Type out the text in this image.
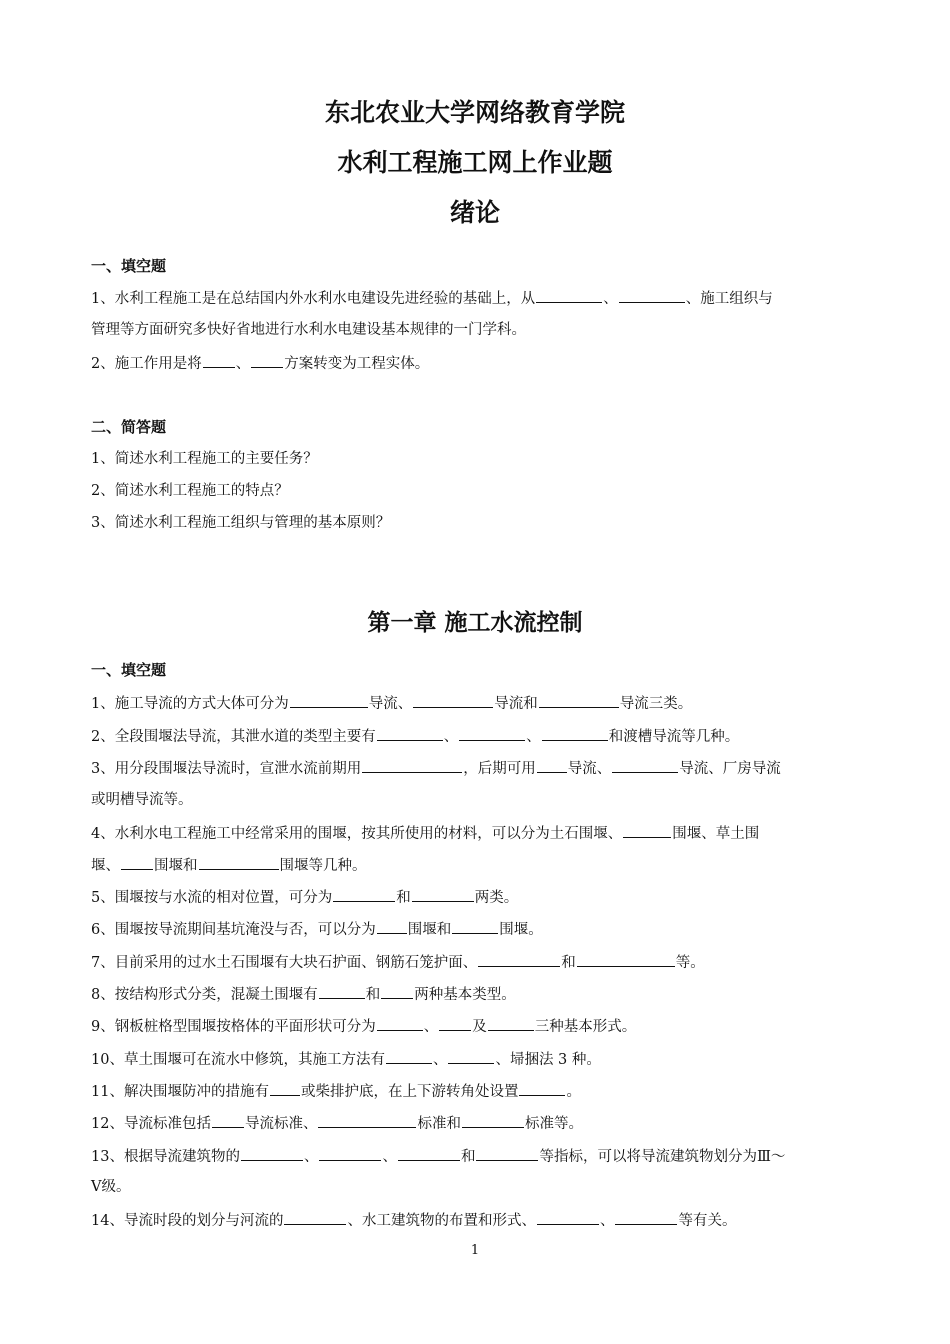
东北农业大学网络教育学院
水利工程施工网上作业题
绪论
一、填空题
1、水利工程施工是在总结国内外水利水电建设先进经验的基础上，从	、	、施工组织与
管理等方面研究多快好省地进行水利水电建设基本规律的一门学科。
2、施工作用是将 、 方案转变为工程实体。
二、简答题
1、简述水利工程施工的主要任务？
2、简述水利工程施工的特点？
3、简述水利工程施工组织与管理的基本原则？
第一章 施工水流控制
一、填空题
1、施工导流的方式大体可分为	导流、	导流和	导流三类。
2、全段围堰法导流，其泄水道的类型主要有	、	、	和渡槽导流等几种。
3、用分段围堰法导流时，宣泄水流前期用	，后期可用 导流、	导流、厂房导流
或明槽导流等。
4、水利水电工程施工中经常采用的围堰，按其所使用的材料，可以分为土石围堰、	围堰、草土围
堰、 围堰和	围堰等几种。
5、围堰按与水流的相对位置，可分为	和	两类。
6、围堰按导流期间基坑淹没与否，可以分为 围堰和	围堰。
7、目前采用的过水土石围堰有大块石护面、钢筋石笼护面、	和	等。
8、按结构形式分类，混凝土围堰有	和 两种基本类型。
9、钢板桩格型围堰按格体的平面形状可分为	、 及	三种基本形式。
10、草土围堰可在流水中修筑，其施工方法有	、	、埽捆法 3 种。
11、解决围堰防冲的措施有 或柴排护底，在上下游转角处设置	。
12、导流标准包括 导流标准、	标准和	标准等。
13、根据导流建筑物的	、	、	和	等指标，可以将导流建筑物划分为Ⅲ～
Ⅴ级。
14、导流时段的划分与河流的	、水工建筑物的布置和形式、	、	等有关。
1
